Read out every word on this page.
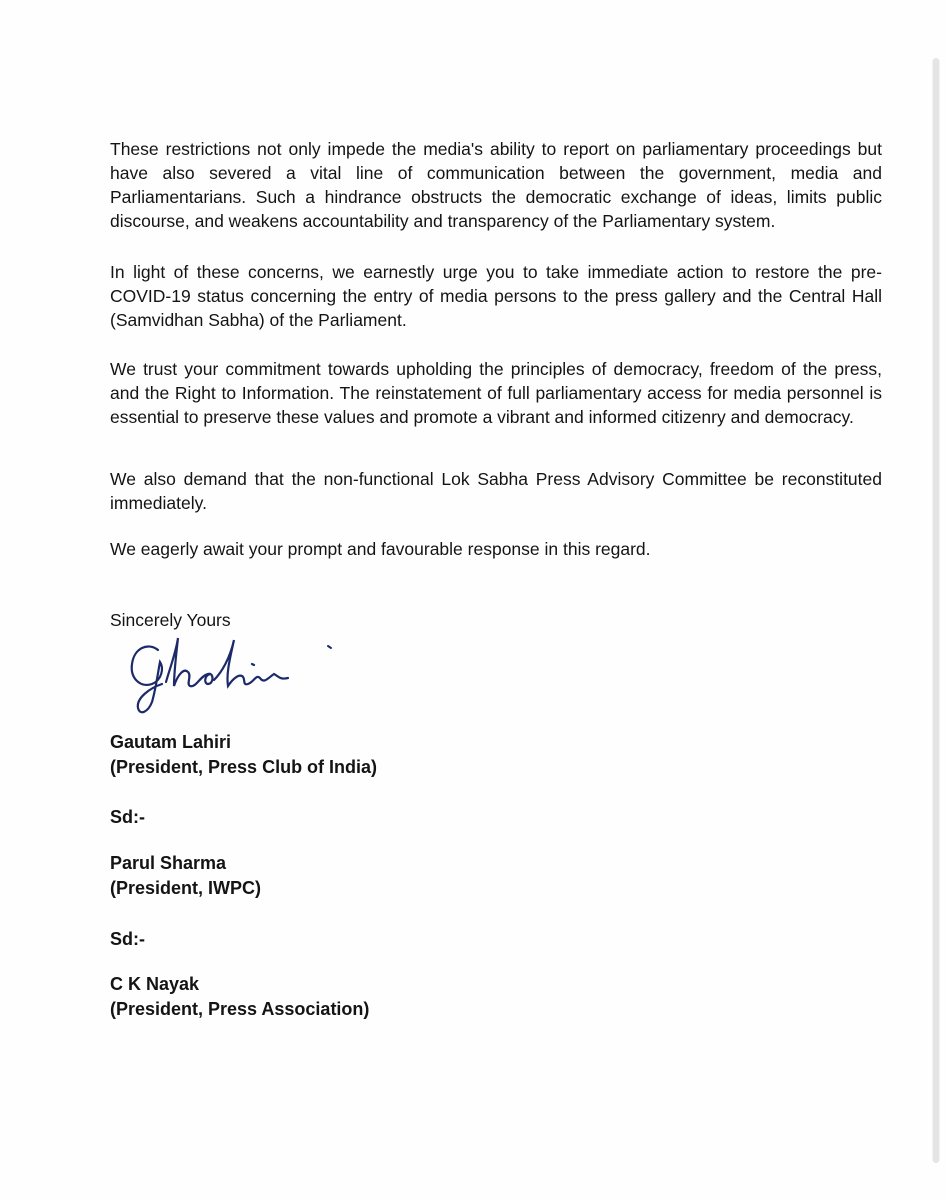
These restrictions not only impede the media's ability to report on parliamentary proceedings but have also severed a vital line of communication between the government, media and Parliamentarians. Such a hindrance obstructs the democratic exchange of ideas, limits public discourse, and weakens accountability and transparency of the Parliamentary system.

In light of these concerns, we earnestly urge you to take immediate action to restore the pre-COVID-19 status concerning the entry of media persons to the press gallery and the Central Hall (Samvidhan Sabha) of the Parliament.

We trust your commitment towards upholding the principles of democracy, freedom of the press, and the Right to Information. The reinstatement of full parliamentary access for media personnel is essential to preserve these values and promote a vibrant and informed citizenry and democracy.

We also demand that the non-functional Lok Sabha Press Advisory Committee be reconstituted immediately.

We eagerly await your prompt and favourable response in this regard.

Sincerely Yours

Gautam Lahiri
(President, Press Club of India)
Sd:-
Parul Sharma
(President, IWPC)
Sd:-
C K Nayak
(President, Press Association)
